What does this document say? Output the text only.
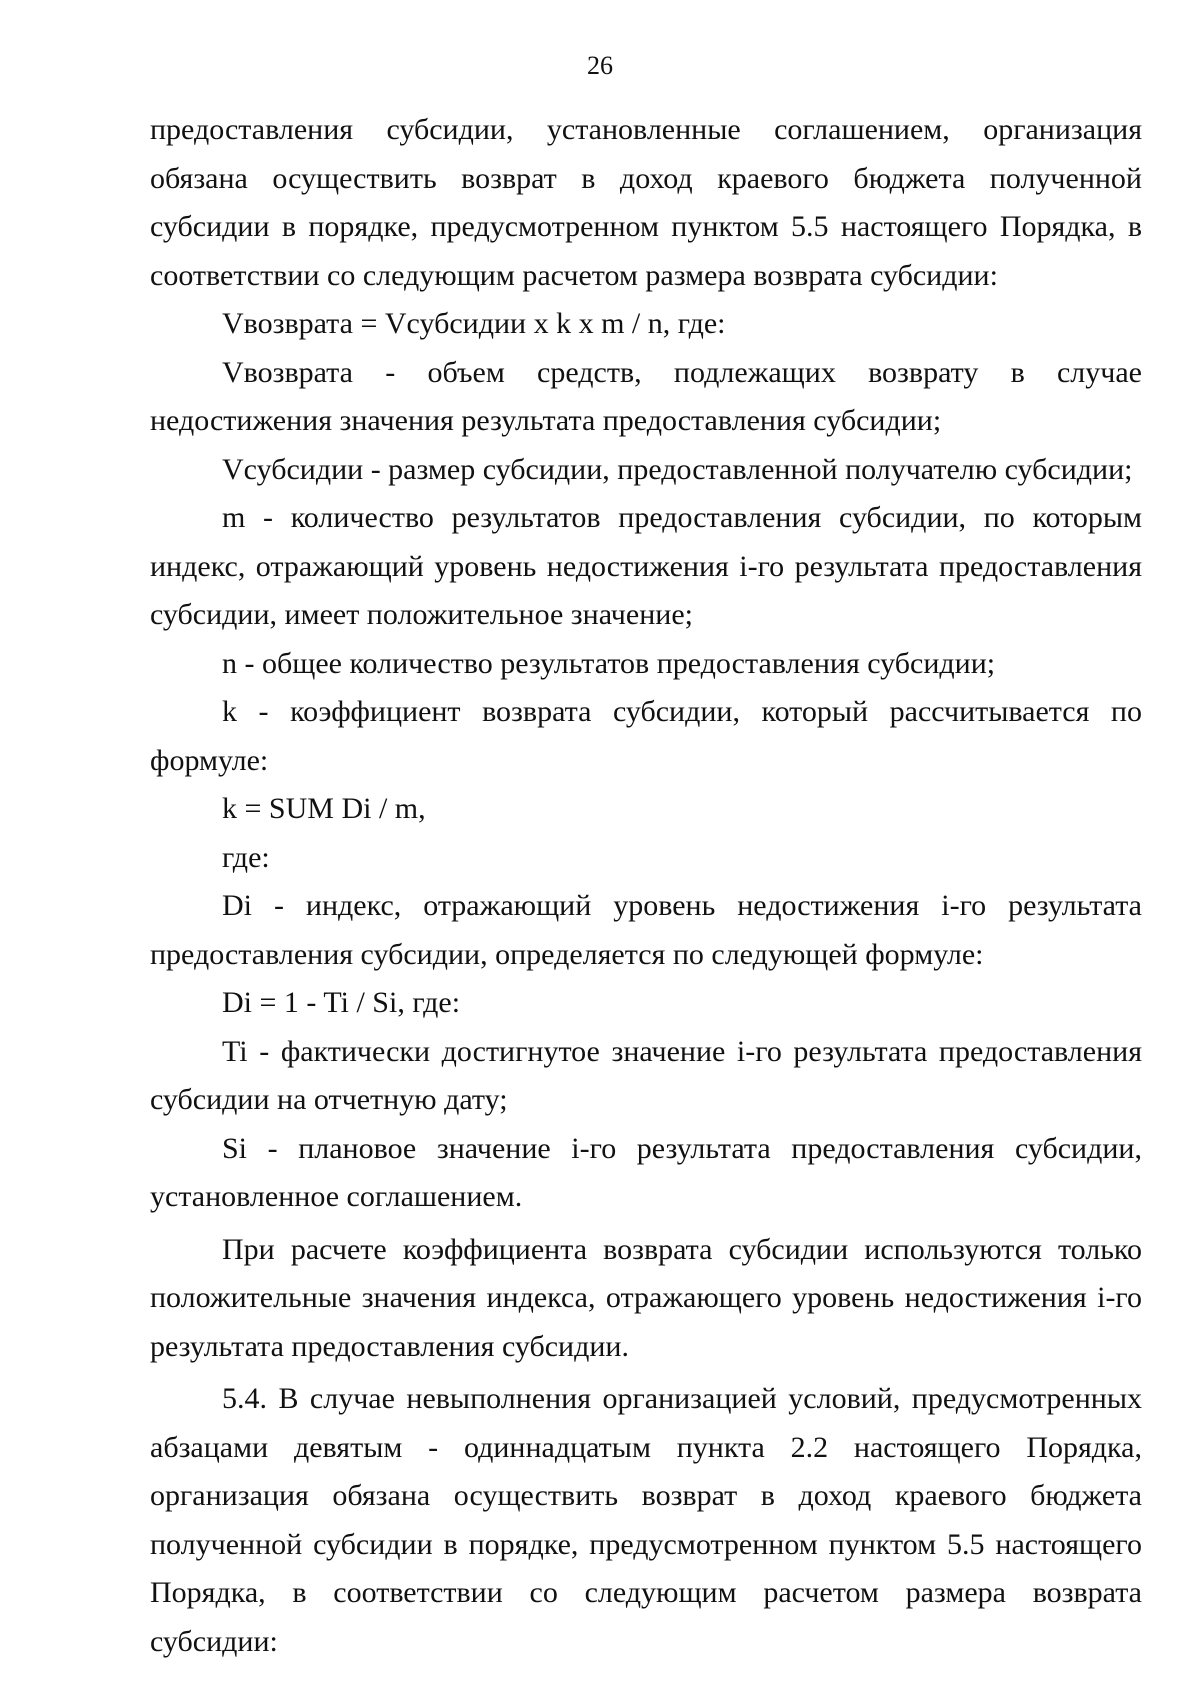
26

предоставления субсидии, установленные соглашением, организация обязана осуществить возврат в доход краевого бюджета полученной субсидии в порядке, предусмотренном пунктом 5.5 настоящего Порядка, в соответствии со следующим расчетом размера возврата субсидии:

Vвозврата = Vсубсидии x k x m / n, где:

Vвозврата - объем средств, подлежащих возврату в случае недостижения значения результата предоставления субсидии;

Vсубсидии - размер субсидии, предоставленной получателю субсидии;

m - количество результатов предоставления субсидии, по которым индекс, отражающий уровень недостижения i-го результата предоставления субсидии, имеет положительное значение;

n - общее количество результатов предоставления субсидии;

k - коэффициент возврата субсидии, который рассчитывается по формуле:

k = SUM Di / m,

где:

Di - индекс, отражающий уровень недостижения i-го результата предоставления субсидии, определяется по следующей формуле:

Di = 1 - Ti / Si, где:

Ti - фактически достигнутое значение i-го результата предоставления субсидии на отчетную дату;

Si - плановое значение i-го результата предоставления субсидии, установленное соглашением.

При расчете коэффициента возврата субсидии используются только положительные значения индекса, отражающего уровень недостижения i-го результата предоставления субсидии.

5.4. В случае невыполнения организацией условий, предусмотренных абзацами девятым - одиннадцатым пункта 2.2 настоящего Порядка, организация обязана осуществить возврат в доход краевого бюджета полученной субсидии в порядке, предусмотренном пунктом 5.5 настоящего Порядка, в соответствии со следующим расчетом размера возврата субсидии:
